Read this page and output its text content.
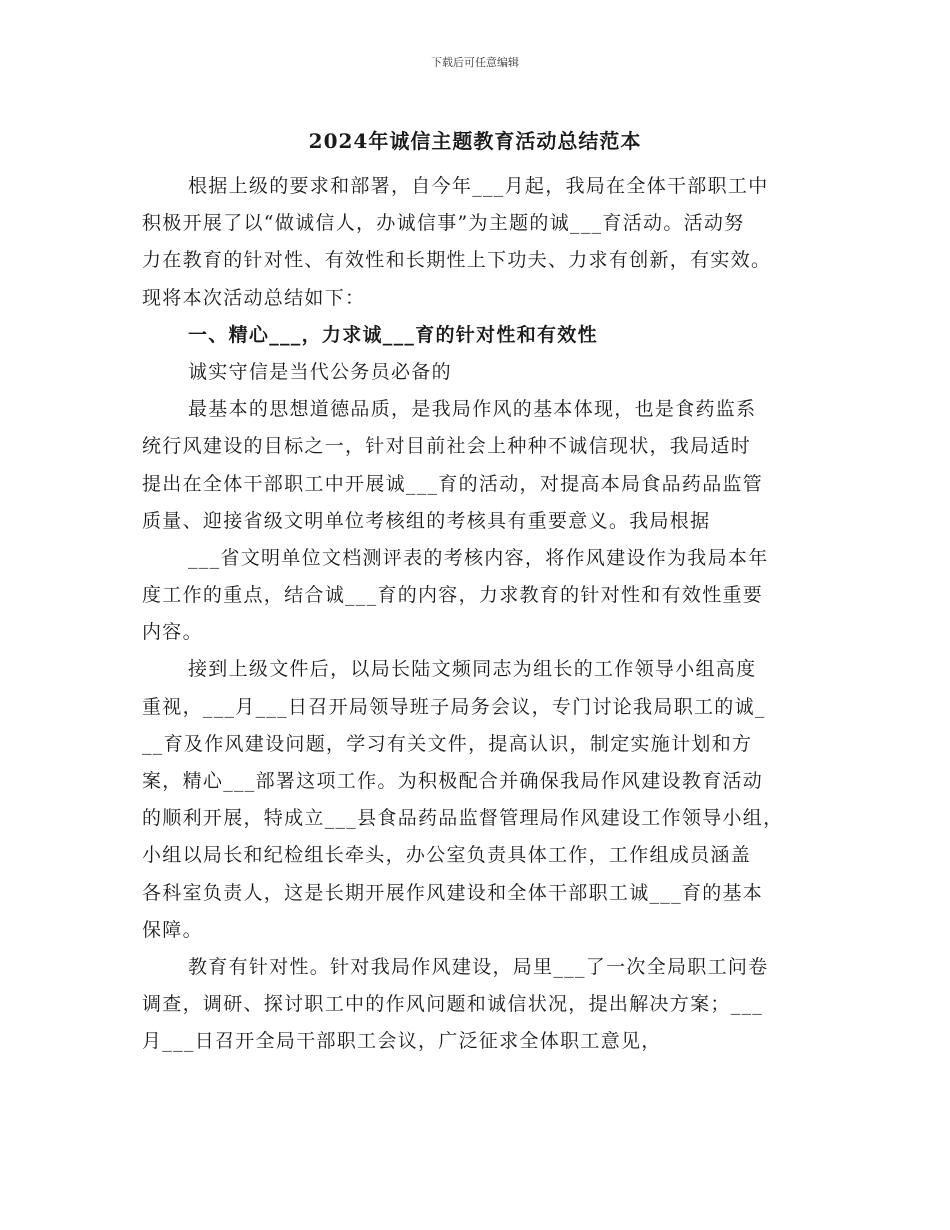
下载后可任意编辑
2024年诚信主题教育活动总结范本
根据上级的要求和部署，自今年___月起，我局在全体干部职工中
积极开展了以“做诚信人，办诚信事”为主题的诚___育活动。活动努
力在教育的针对性、有效性和长期性上下功夫、力求有创新，有实效。
现将本次活动总结如下：
一、精心___，力求诚___育的针对性和有效性
诚实守信是当代公务员必备的
最基本的思想道德品质，是我局作风的基本体现，也是食药监系
统行风建设的目标之一，针对目前社会上种种不诚信现状，我局适时
提出在全体干部职工中开展诚___育的活动，对提高本局食品药品监管
质量、迎接省级文明单位考核组的考核具有重要意义。我局根据
___省文明单位文档测评表的考核内容，将作风建设作为我局本年
度工作的重点，结合诚___育的内容，力求教育的针对性和有效性重要
内容。
接到上级文件后，以局长陆文频同志为组长的工作领导小组高度
重视，___月___日召开局领导班子局务会议，专门讨论我局职工的诚_
__育及作风建设问题，学习有关文件，提高认识，制定实施计划和方
案，精心___部署这项工作。为积极配合并确保我局作风建设教育活动
的顺利开展，特成立___县食品药品监督管理局作风建设工作领导小组，
小组以局长和纪检组长牵头，办公室负责具体工作，工作组成员涵盖
各科室负责人，这是长期开展作风建设和全体干部职工诚___育的基本
保障。
教育有针对性。针对我局作风建设，局里___了一次全局职工问卷
调查，调研、探讨职工中的作风问题和诚信状况，提出解决方案；___
月___日召开全局干部职工会议，广泛征求全体职工意见，
